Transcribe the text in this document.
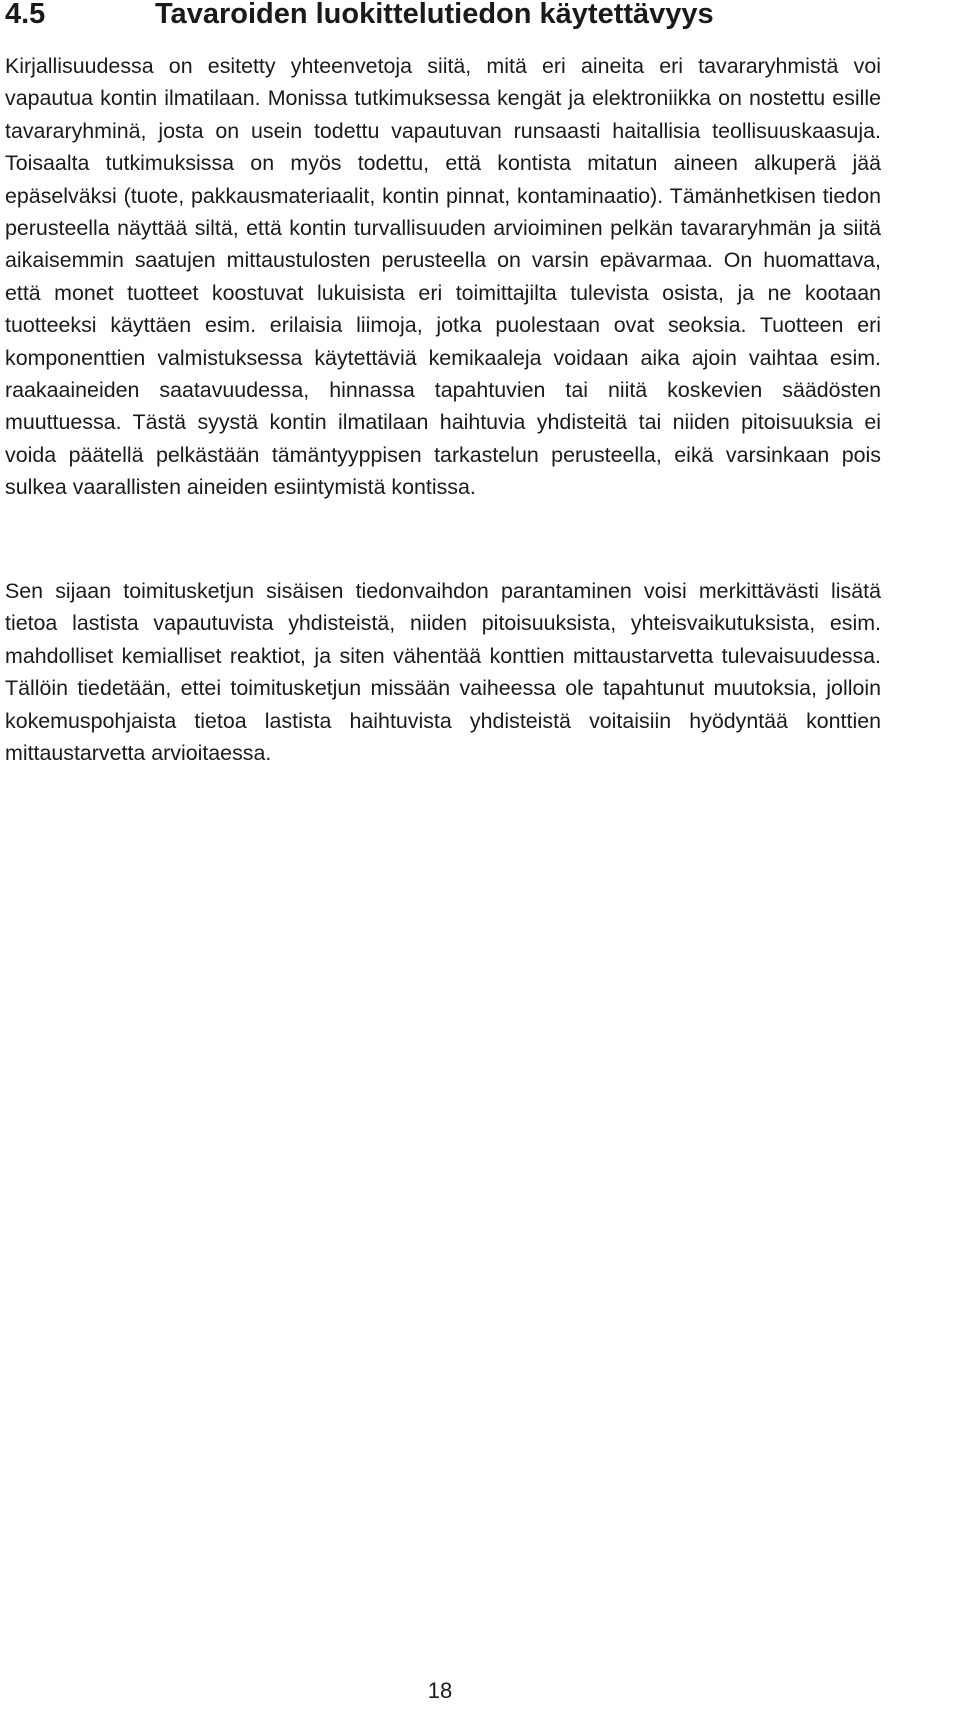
4.5	Tavaroiden luokittelutiedon käytettävyys

Kirjallisuudessa on esitetty yhteenvetoja siitä, mitä eri aineita eri tavararyhmistä voi vapautua kontin ilmatilaan. Monissa tutkimuksessa kengät ja elektroniikka on nostettu esille tavararyhminä, josta on usein todettu vapautuvan runsaasti haitallisia teollisuuskaasuja. Toisaalta tutkimuksissa on myös todettu, että kontista mitatun aineen alkuperä jää epäselväksi (tuote, pakkausmateriaalit, kontin pinnat, kontaminaatio). Tämänhetkisen tiedon perusteella näyttää siltä, että kontin turvallisuuden arvioiminen pelkän tavararyhmän ja siitä aikaisemmin saatujen mittaustulosten perusteella on varsin epävarmaa. On huomattava, että monet tuotteet koostuvat lukuisista eri toimittajilta tulevista osista, ja ne kootaan tuotteeksi käyttäen esim. erilaisia liimoja, jotka puolestaan ovat seoksia. Tuotteen eri komponenttien valmistuksessa käytettäviä kemikaaleja voidaan aika ajoin vaihtaa esim. raakaaineiden saatavuudessa, hinnassa tapahtuvien tai niitä koskevien säädösten muuttuessa. Tästä syystä kontin ilmatilaan haihtuvia yhdisteitä tai niiden pitoisuuksia ei voida päätellä pelkästään tämäntyyppisen tarkastelun perusteella, eikä varsinkaan pois sulkea vaarallisten aineiden esiintymistä kontissa.

Sen sijaan toimitusketjun sisäisen tiedonvaihdon parantaminen voisi merkittävästi lisätä tietoa lastista vapautuvista yhdisteistä, niiden pitoisuuksista, yhteisvaikutuksista, esim. mahdolliset kemialliset reaktiot, ja siten vähentää konttien mittaustarvetta tulevaisuudessa. Tällöin tiedetään, ettei toimitusketjun missään vaiheessa ole tapahtunut muutoksia, jolloin kokemuspohjaista tietoa lastista haihtuvista yhdisteistä voitaisiin hyödyntää konttien mittaustarvetta arvioitaessa.

18
